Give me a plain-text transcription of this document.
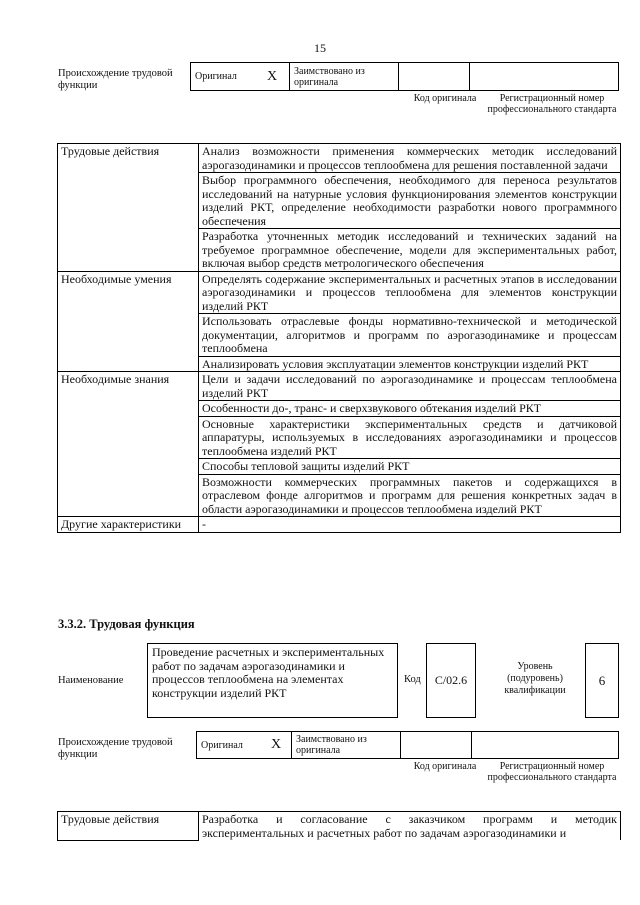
15
Происхождение трудовой функции
Оригинал	X	Заимствовано из оригинала		
Код оригинала	Регистрационный номер профессионального стандарта
Трудовые действия	Анализ возможности применения коммерческих методик исследований аэрогазодинамики и процессов теплообмена для решения поставленной задачи
	Выбор программного обеспечения, необходимого для переноса результатов исследований на натурные условия функционирования элементов конструкции изделий РКТ, определение необходимости разработки нового программного обеспечения
	Разработка уточненных методик исследований и технических заданий на требуемое программное обеспечение, модели для экспериментальных работ, включая выбор средств метрологического обеспечения
Необходимые умения	Определять содержание экспериментальных и расчетных этапов в исследовании аэрогазодинамики и процессов теплообмена для элементов конструкции изделий РКТ
	Использовать отраслевые фонды нормативно-технической и методической документации, алгоритмов и программ по аэрогазодинамике и процессам теплообмена
	Анализировать условия эксплуатации элементов конструкции изделий РКТ
Необходимые знания	Цели и задачи исследований по аэрогазодинамике и процессам теплообмена изделий РКТ
	Особенности до-, транс- и сверхзвукового обтекания изделий РКТ
	Основные характеристики экспериментальных средств и датчиковой аппаратуры, используемых в исследованиях аэрогазодинамики и процессов теплообмена изделий РКТ
	Способы тепловой защиты изделий РКТ
	Возможности коммерческих программных пакетов и содержащихся в отраслевом фонде алгоритмов и программ для решения конкретных задач в области аэрогазодинамики и процессов теплообмена изделий РКТ
Другие характеристики	-
3.3.2. Трудовая функция
Наименование
Проведение расчетных и экспериментальных работ по задачам аэрогазодинамики и процессов теплообмена на элементах конструкции изделий РКТ
Код С/02.6
Уровень (подуровень) квалификации
6
Происхождение трудовой функции
Оригинал	X	Заимствовано из оригинала		
Код оригинала	Регистрационный номер профессионального стандарта
Трудовые действия	Разработка и согласование с заказчиком программ и методик экспериментальных и расчетных работ по задачам аэрогазодинамики и
